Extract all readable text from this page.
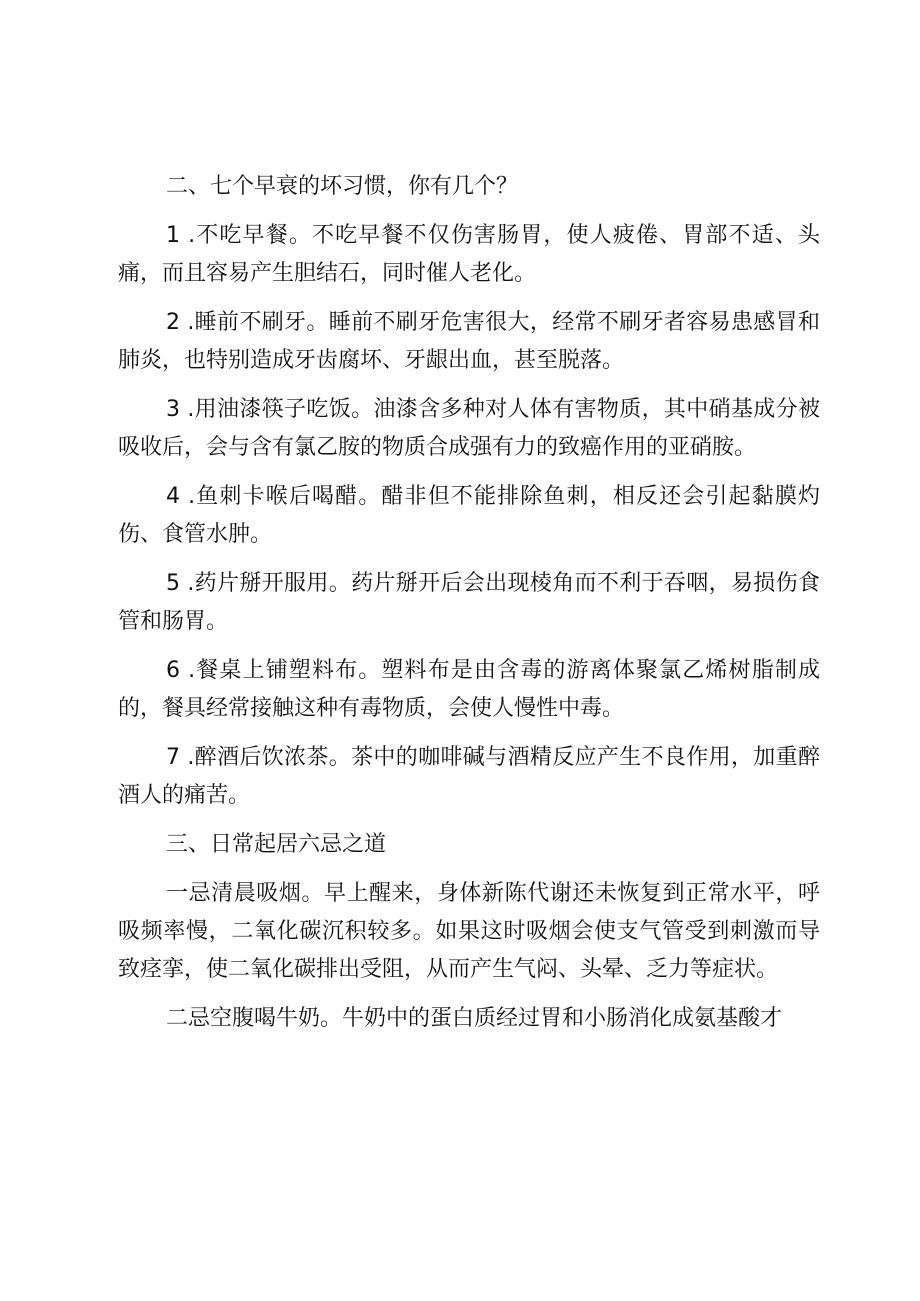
二、七个早衰的坏习惯，你有几个？

1 .不吃早餐。不吃早餐不仅伤害肠胃，使人疲倦、胃部不适、头痛，而且容易产生胆结石，同时催人老化。

2 .睡前不刷牙。睡前不刷牙危害很大，经常不刷牙者容易患感冒和肺炎，也特别造成牙齿腐坏、牙龈出血，甚至脱落。

3 .用油漆筷子吃饭。油漆含多种对人体有害物质，其中硝基成分被吸收后，会与含有氯乙胺的物质合成强有力的致癌作用的亚硝胺。

4 .鱼刺卡喉后喝醋。醋非但不能排除鱼刺，相反还会引起黏膜灼伤、食管水肿。

5 .药片掰开服用。药片掰开后会出现棱角而不利于吞咽，易损伤食管和肠胃。

6 .餐桌上铺塑料布。塑料布是由含毒的游离体聚氯乙烯树脂制成的，餐具经常接触这种有毒物质，会使人慢性中毒。

7 .醉酒后饮浓茶。茶中的咖啡碱与酒精反应产生不良作用，加重醉酒人的痛苦。

三、日常起居六忌之道

一忌清晨吸烟。早上醒来，身体新陈代谢还未恢复到正常水平，呼吸频率慢，二氧化碳沉积较多。如果这时吸烟会使支气管受到刺激而导致痉挛，使二氧化碳排出受阻，从而产生气闷、头晕、乏力等症状。

二忌空腹喝牛奶。牛奶中的蛋白质经过胃和小肠消化成氨基酸才
